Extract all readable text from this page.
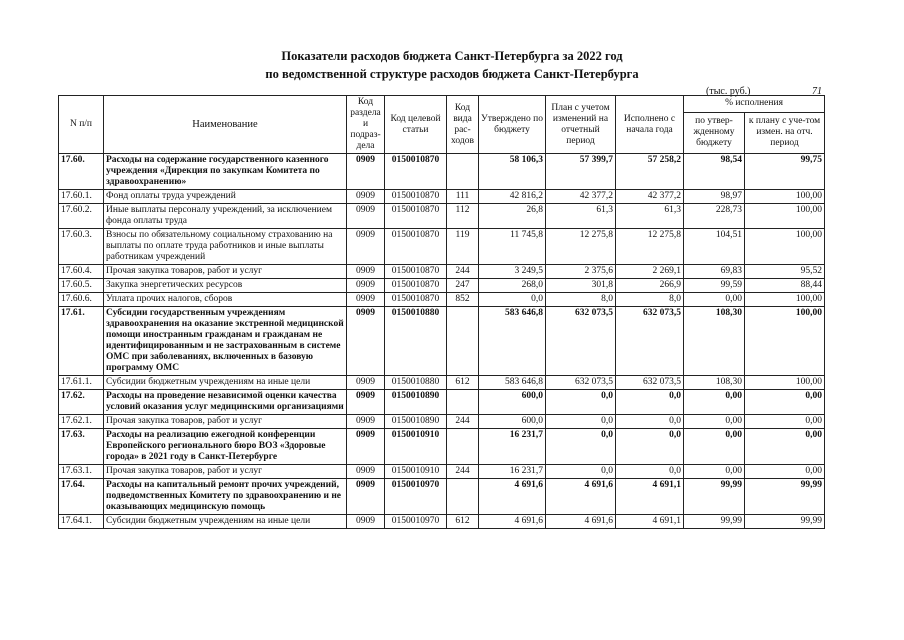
Показатели расходов бюджета Санкт-Петербурга за 2022 год
по ведомственной структуре расходов бюджета Санкт-Петербурга
(тыс. руб.)	71
N п/п	Наименование	Код раздела и подраз-дела	Код целевой статьи	Код вида рас-ходов	Утверждено по бюджету	План с учетом изменений на отчетный период	Исполнено с начала года	% исполнения	
								по утвер-жденному бюджету	к плану с уче-том измен. на отч. период
17.60.	Расходы на содержание государственного казенного учреждения «Дирекция по закупкам Комитета по здравоохранению»	0909	0150010870		58 106,3	57 399,7	57 258,2	98,54	99,75
17.60.1.	Фонд оплаты труда учреждений	0909	0150010870	111	42 816,2	42 377,2	42 377,2	98,97	100,00
17.60.2.	Иные выплаты персоналу учреждений, за исключением фонда оплаты труда	0909	0150010870	112	26,8	61,3	61,3	228,73	100,00
17.60.3.	Взносы по обязательному социальному страхованию на выплаты по оплате труда работников и иные выплаты работникам учреждений	0909	0150010870	119	11 745,8	12 275,8	12 275,8	104,51	100,00
17.60.4.	Прочая закупка товаров, работ и услуг	0909	0150010870	244	3 249,5	2 375,6	2 269,1	69,83	95,52
17.60.5.	Закупка энергетических ресурсов	0909	0150010870	247	268,0	301,8	266,9	99,59	88,44
17.60.6.	Уплата прочих налогов, сборов	0909	0150010870	852	0,0	8,0	8,0	0,00	100,00
17.61.	Субсидии государственным учреждениям здравоохранения на оказание экстренной медицинской помощи иностранным гражданам и гражданам не идентифицированным и не застрахованным в системе ОМС при заболеваниях, включенных в базовую программу ОМС	0909	0150010880		583 646,8	632 073,5	632 073,5	108,30	100,00
17.61.1.	Субсидии бюджетным учреждениям на иные цели	0909	0150010880	612	583 646,8	632 073,5	632 073,5	108,30	100,00
17.62.	Расходы на проведение независимой оценки качества условий оказания услуг медицинскими организациями	0909	0150010890		600,0	0,0	0,0	0,00	0,00
17.62.1.	Прочая закупка товаров, работ и услуг	0909	0150010890	244	600,0	0,0	0,0	0,00	0,00
17.63.	Расходы на реализацию ежегодной конференции Европейского регионального бюро ВОЗ «Здоровые города» в 2021 году в Санкт-Петербурге	0909	0150010910		16 231,7	0,0	0,0	0,00	0,00
17.63.1.	Прочая закупка товаров, работ и услуг	0909	0150010910	244	16 231,7	0,0	0,0	0,00	0,00
17.64.	Расходы на капитальный ремонт прочих учреждений, подведомственных Комитету по здравоохранению и не оказывающих медицинскую помощь	0909	0150010970		4 691,6	4 691,6	4 691,1	99,99	99,99
17.64.1.	Субсидии бюджетным учреждениям на иные цели	0909	0150010970	612	4 691,6	4 691,6	4 691,1	99,99	99,99
